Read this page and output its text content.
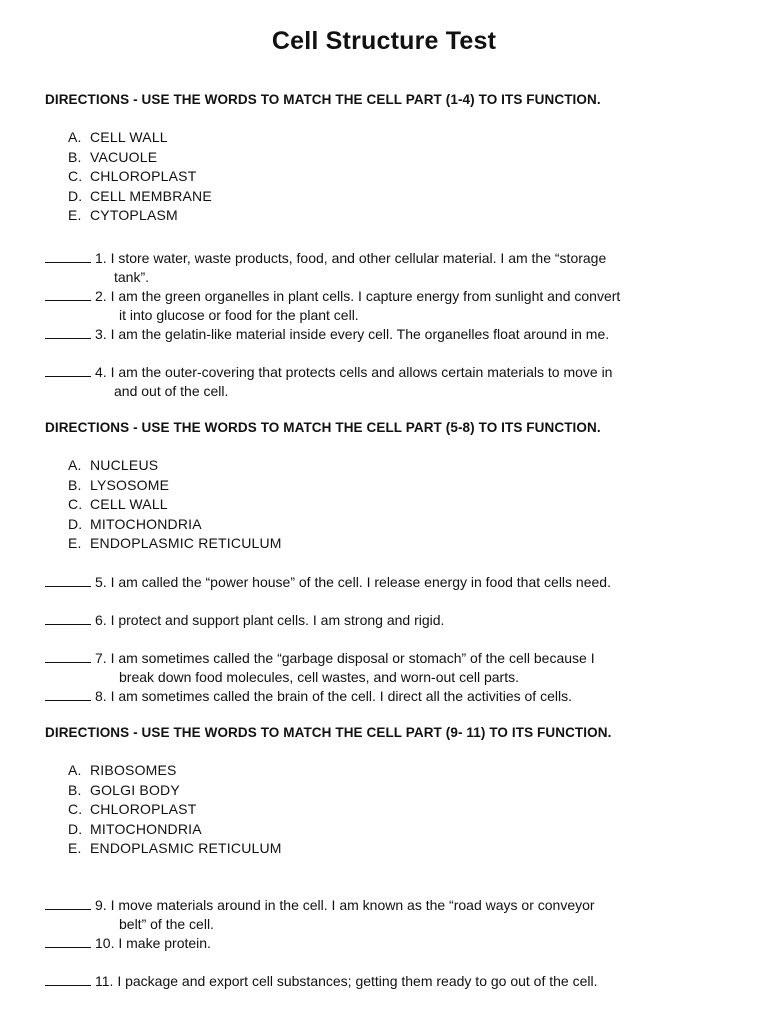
Cell Structure Test
DIRECTIONS - USE THE WORDS TO MATCH THE CELL PART (1-4) TO ITS FUNCTION.
A. CELL WALL
B. VACUOLE
C. CHLOROPLAST
D. CELL MEMBRANE
E. CYTOPLASM
1. I store water, waste products, food, and other cellular material. I am the “storage
tank”.
2. I am the green organelles in plant cells. I capture energy from sunlight and convert
it into glucose or food for the plant cell.
3. I am the gelatin-like material inside every cell. The organelles float around in me.
4. I am the outer-covering that protects cells and allows certain materials to move in
and out of the cell.
DIRECTIONS - USE THE WORDS TO MATCH THE CELL PART (5-8) TO ITS FUNCTION.
A. NUCLEUS
B. LYSOSOME
C. CELL WALL
D. MITOCHONDRIA
E. ENDOPLASMIC RETICULUM
5. I am called the “power house” of the cell. I release energy in food that cells need.
6. I protect and support plant cells. I am strong and rigid.
7. I am sometimes called the “garbage disposal or stomach” of the cell because I
break down food molecules, cell wastes, and worn-out cell parts.
8. I am sometimes called the brain of the cell. I direct all the activities of cells.
DIRECTIONS - USE THE WORDS TO MATCH THE CELL PART (9- 11) TO ITS FUNCTION.
A. RIBOSOMES
B. GOLGI BODY
C. CHLOROPLAST
D. MITOCHONDRIA
E. ENDOPLASMIC RETICULUM
9. I move materials around in the cell. I am known as the “road ways or conveyor
belt” of the cell.
10. I make protein.
11. I package and export cell substances; getting them ready to go out of the cell.
